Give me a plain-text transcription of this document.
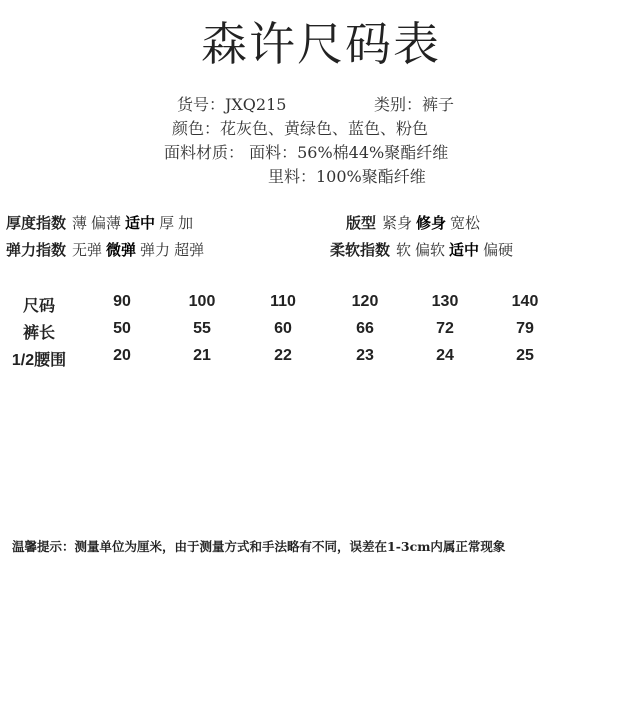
森许尺码表
货号：JXQ215	类别：裤子
颜色：花灰色、黄绿色、蓝色、粉色
面料材质： 面料：56%棉44%聚酯纤维
里料：100%聚酯纤维
厚度指数 薄 偏薄 适中 厚 加	版型 紧身 修身 宽松
弹力指数 无弹 微弹 弹力 超弹	柔软指数 软 偏软 适中 偏硬
尺码	90	100	110	120	130	140
裤长	50	55	60	66	72	79
1/2腰围	20	21	22	23	24	25
温馨提示：测量单位为厘米，由于测量方式和手法略有不同，误差在1-3cm内属正常现象
